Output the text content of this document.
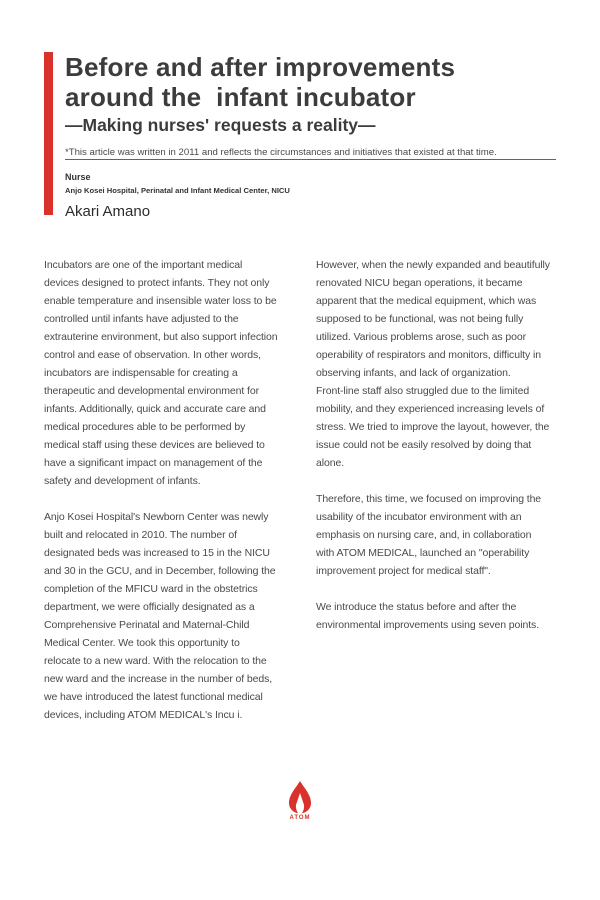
Before and after improvements
around the  infant incubator
—Making nurses' requests a reality—
*This article was written in 2011 and reflects the circumstances and initiatives that existed at that time.
Nurse
Anjo Kosei Hospital, Perinatal and Infant Medical Center, NICU
Akari Amano
Incubators are one of the important medical
devices designed to protect infants. They not only
enable temperature and insensible water loss to be
controlled until infants have adjusted to the
extrauterine environment, but also support infection
control and ease of observation. In other words,
incubators are indispensable for creating a
therapeutic and developmental environment for
infants. Additionally, quick and accurate care and
medical procedures able to be performed by
medical staff using these devices are believed to
have a significant impact on management of the
safety and development of infants.
Anjo Kosei Hospital's Newborn Center was newly
built and relocated in 2010. The number of
designated beds was increased to 15 in the NICU
and 30 in the GCU, and in December, following the
completion of the MFICU ward in the obstetrics
department, we were officially designated as a
Comprehensive Perinatal and Maternal-Child
Medical Center. We took this opportunity to
relocate to a new ward. With the relocation to the
new ward and the increase in the number of beds,
we have introduced the latest functional medical
devices, including ATOM MEDICAL's Incu i.
However, when the newly expanded and beautifully
renovated NICU began operations, it became
apparent that the medical equipment, which was
supposed to be functional, was not being fully
utilized. Various problems arose, such as poor
operability of respirators and monitors, difficulty in
observing infants, and lack of organization.
Front-line staff also struggled due to the limited
mobility, and they experienced increasing levels of
stress. We tried to improve the layout, however, the
issue could not be easily resolved by doing that
alone.
Therefore, this time, we focused on improving the
usability of the incubator environment with an
emphasis on nursing care, and, in collaboration
with ATOM MEDICAL, launched an "operability
improvement project for medical staff".
We introduce the status before and after the
environmental improvements using seven points.
ATOM
